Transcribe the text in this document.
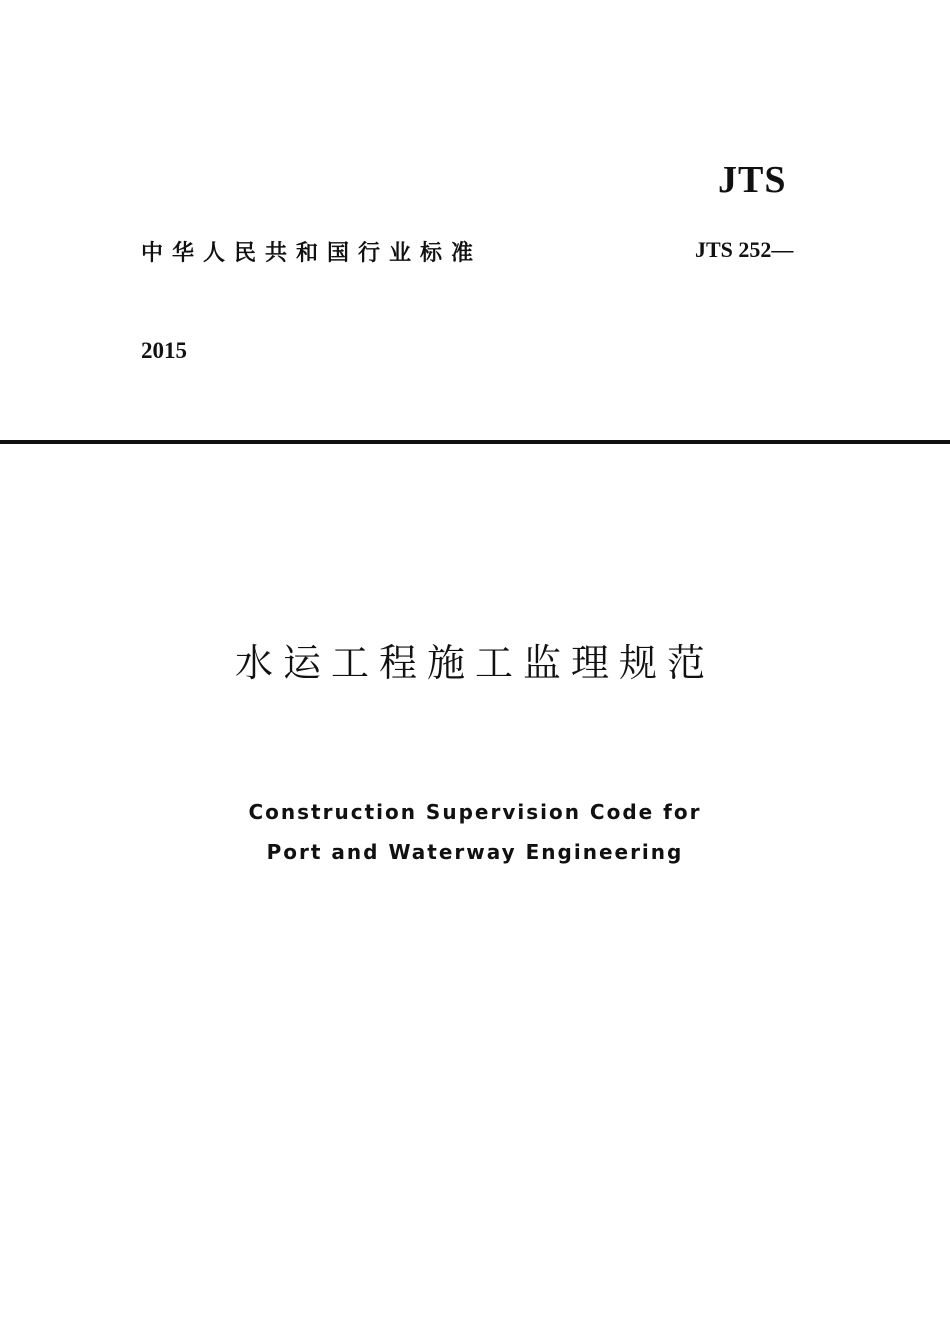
JTS
中华人民共和国行业标准	JTS 252—
2015
水运工程施工监理规范
Construction Supervision Code for
Port and Waterway Engineering
